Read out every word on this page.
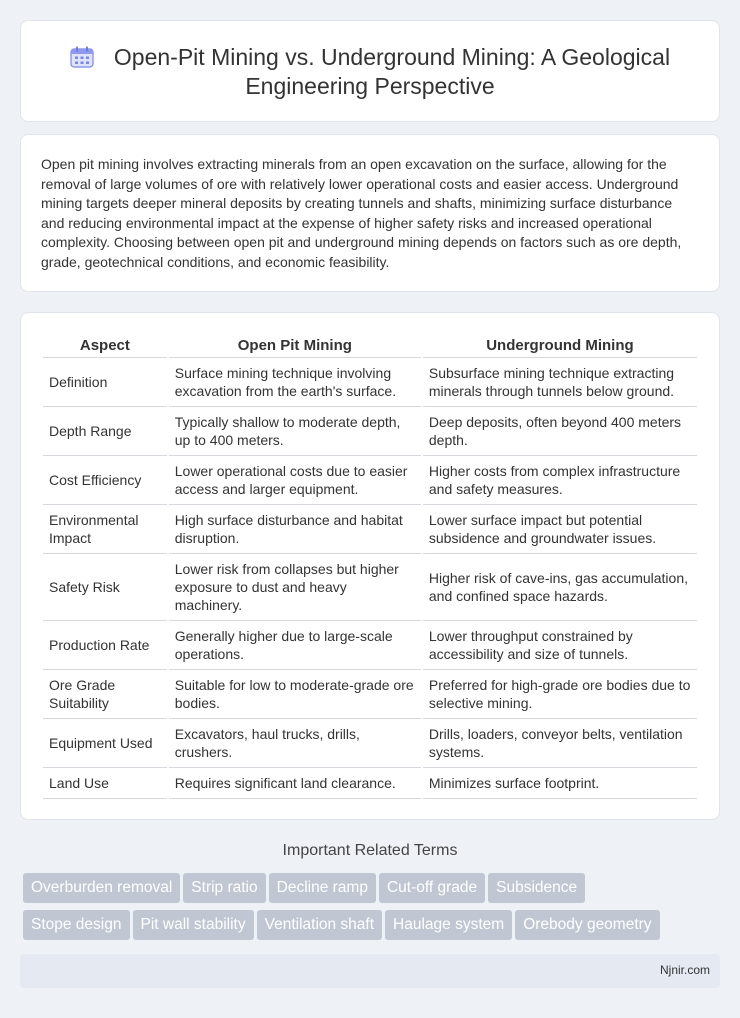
Open-Pit Mining vs. Underground Mining: A Geological Engineering Perspective

Open pit mining involves extracting minerals from an open excavation on the surface, allowing for the removal of large volumes of ore with relatively lower operational costs and easier access. Underground mining targets deeper mineral deposits by creating tunnels and shafts, minimizing surface disturbance and reducing environmental impact at the expense of higher safety risks and increased operational complexity. Choosing between open pit and underground mining depends on factors such as ore depth, grade, geotechnical conditions, and economic feasibility.

Aspect	Open Pit Mining	Underground Mining
Definition	Surface mining technique involving excavation from the earth's surface.	Subsurface mining technique extracting minerals through tunnels below ground.
Depth Range	Typically shallow to moderate depth, up to 400 meters.	Deep deposits, often beyond 400 meters depth.
Cost Efficiency	Lower operational costs due to easier access and larger equipment.	Higher costs from complex infrastructure and safety measures.
Environmental Impact	High surface disturbance and habitat disruption.	Lower surface impact but potential subsidence and groundwater issues.
Safety Risk	Lower risk from collapses but higher exposure to dust and heavy machinery.	Higher risk of cave-ins, gas accumulation, and confined space hazards.
Production Rate	Generally higher due to large-scale operations.	Lower throughput constrained by accessibility and size of tunnels.
Ore Grade Suitability	Suitable for low to moderate-grade ore bodies.	Preferred for high-grade ore bodies due to selective mining.
Equipment Used	Excavators, haul trucks, drills, crushers.	Drills, loaders, conveyor belts, ventilation systems.
Land Use	Requires significant land clearance.	Minimizes surface footprint.
Important Related Terms
Overburden removal Strip ratio Decline ramp Cut-off grade Subsidence
Stope design Pit wall stability Ventilation shaft Haulage system Orebody geometry
Njnir.com
